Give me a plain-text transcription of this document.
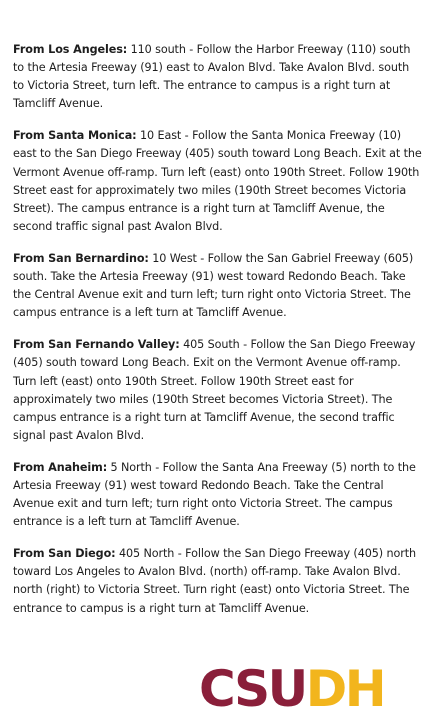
From Los Angeles: 110 south - Follow the Harbor Freeway (110) south to the Artesia Freeway (91) east to Avalon Blvd. Take Avalon Blvd. south to Victoria Street, turn left. The entrance to campus is a right turn at Tamcliff Avenue.

From Santa Monica: 10 East - Follow the Santa Monica Freeway (10) east to the San Diego Freeway (405) south toward Long Beach. Exit at the Vermont Avenue off-ramp. Turn left (east) onto 190th Street. Follow 190th Street east for approximately two miles (190th Street becomes Victoria Street). The campus entrance is a right turn at Tamcliff Avenue, the second traffic signal past Avalon Blvd.

From San Bernardino: 10 West - Follow the San Gabriel Freeway (605) south. Take the Artesia Freeway (91) west toward Redondo Beach. Take the Central Avenue exit and turn left; turn right onto Victoria Street. The campus entrance is a left turn at Tamcliff Avenue.

From San Fernando Valley: 405 South - Follow the San Diego Freeway (405) south toward Long Beach. Exit on the Vermont Avenue off-ramp. Turn left (east) onto 190th Street. Follow 190th Street east for approximately two miles (190th Street becomes Victoria Street). The campus entrance is a right turn at Tamcliff Avenue, the second traffic signal past Avalon Blvd.

From Anaheim: 5 North - Follow the Santa Ana Freeway (5) north to the Artesia Freeway (91) west toward Redondo Beach. Take the Central Avenue exit and turn left; turn right onto Victoria Street. The campus entrance is a left turn at Tamcliff Avenue.

From San Diego: 405 North - Follow the San Diego Freeway (405) north toward Los Angeles to Avalon Blvd. (north) off-ramp. Take Avalon Blvd. north (right) to Victoria Street. Turn right (east) onto Victoria Street. The entrance to campus is a right turn at Tamcliff Avenue.

CSUDH
